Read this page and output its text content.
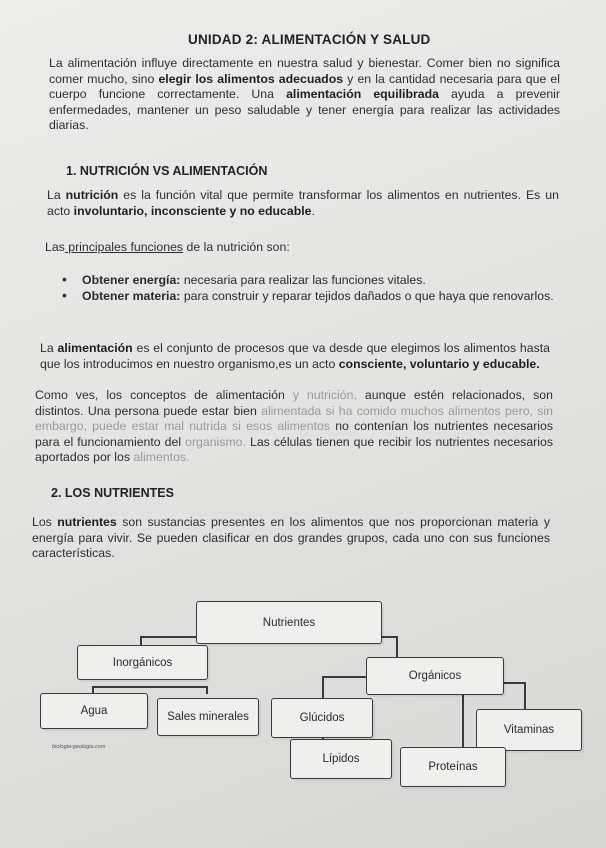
UNIDAD 2: ALIMENTACIÓN Y SALUD
La alimentación influye directamente en nuestra salud y bienestar. Comer bien no significa comer mucho, sino elegir los alimentos adecuados y en la cantidad necesaria para que el cuerpo funcione correctamente. Una alimentación equilibrada ayuda a prevenir enfermedades, mantener un peso saludable y tener energía para realizar las actividades diarias.
1. NUTRICIÓN VS ALIMENTACIÓN
La nutrición es la función vital que permite transformar los alimentos en nutrientes. Es un acto involuntario, inconsciente y no educable.
Las principales funciones de la nutrición son:
• Obtener energía: necesaria para realizar las funciones vitales.
• Obtener materia: para construir y reparar tejidos dañados o que haya que renovarlos.
La alimentación es el conjunto de procesos que va desde que elegimos los alimentos hasta que los introducimos en nuestro organismo,es un acto consciente, voluntario y educable.
Como ves, los conceptos de alimentación y nutrición, aunque estén relacionados, son distintos. Una persona puede estar bien alimentada si ha comido muchos alimentos pero, sin embargo, puede estar mal nutrida si esos alimentos no contenían los nutrientes necesarios para el funcionamiento del organismo. Las células tienen que recibir los nutrientes necesarios aportados por los alimentos.
2. LOS NUTRIENTES
Los nutrientes son sustancias presentes en los alimentos que nos proporcionan materia y energía para vivir. Se pueden clasificar en dos grandes grupos, cada uno con sus funciones características.
Nutrientes
Inorgánicos
Orgánicos
Agua	Sales minerales	Glúcidos
Vitaminas
Lípidos
Proteínas
biologia-geologia.com
